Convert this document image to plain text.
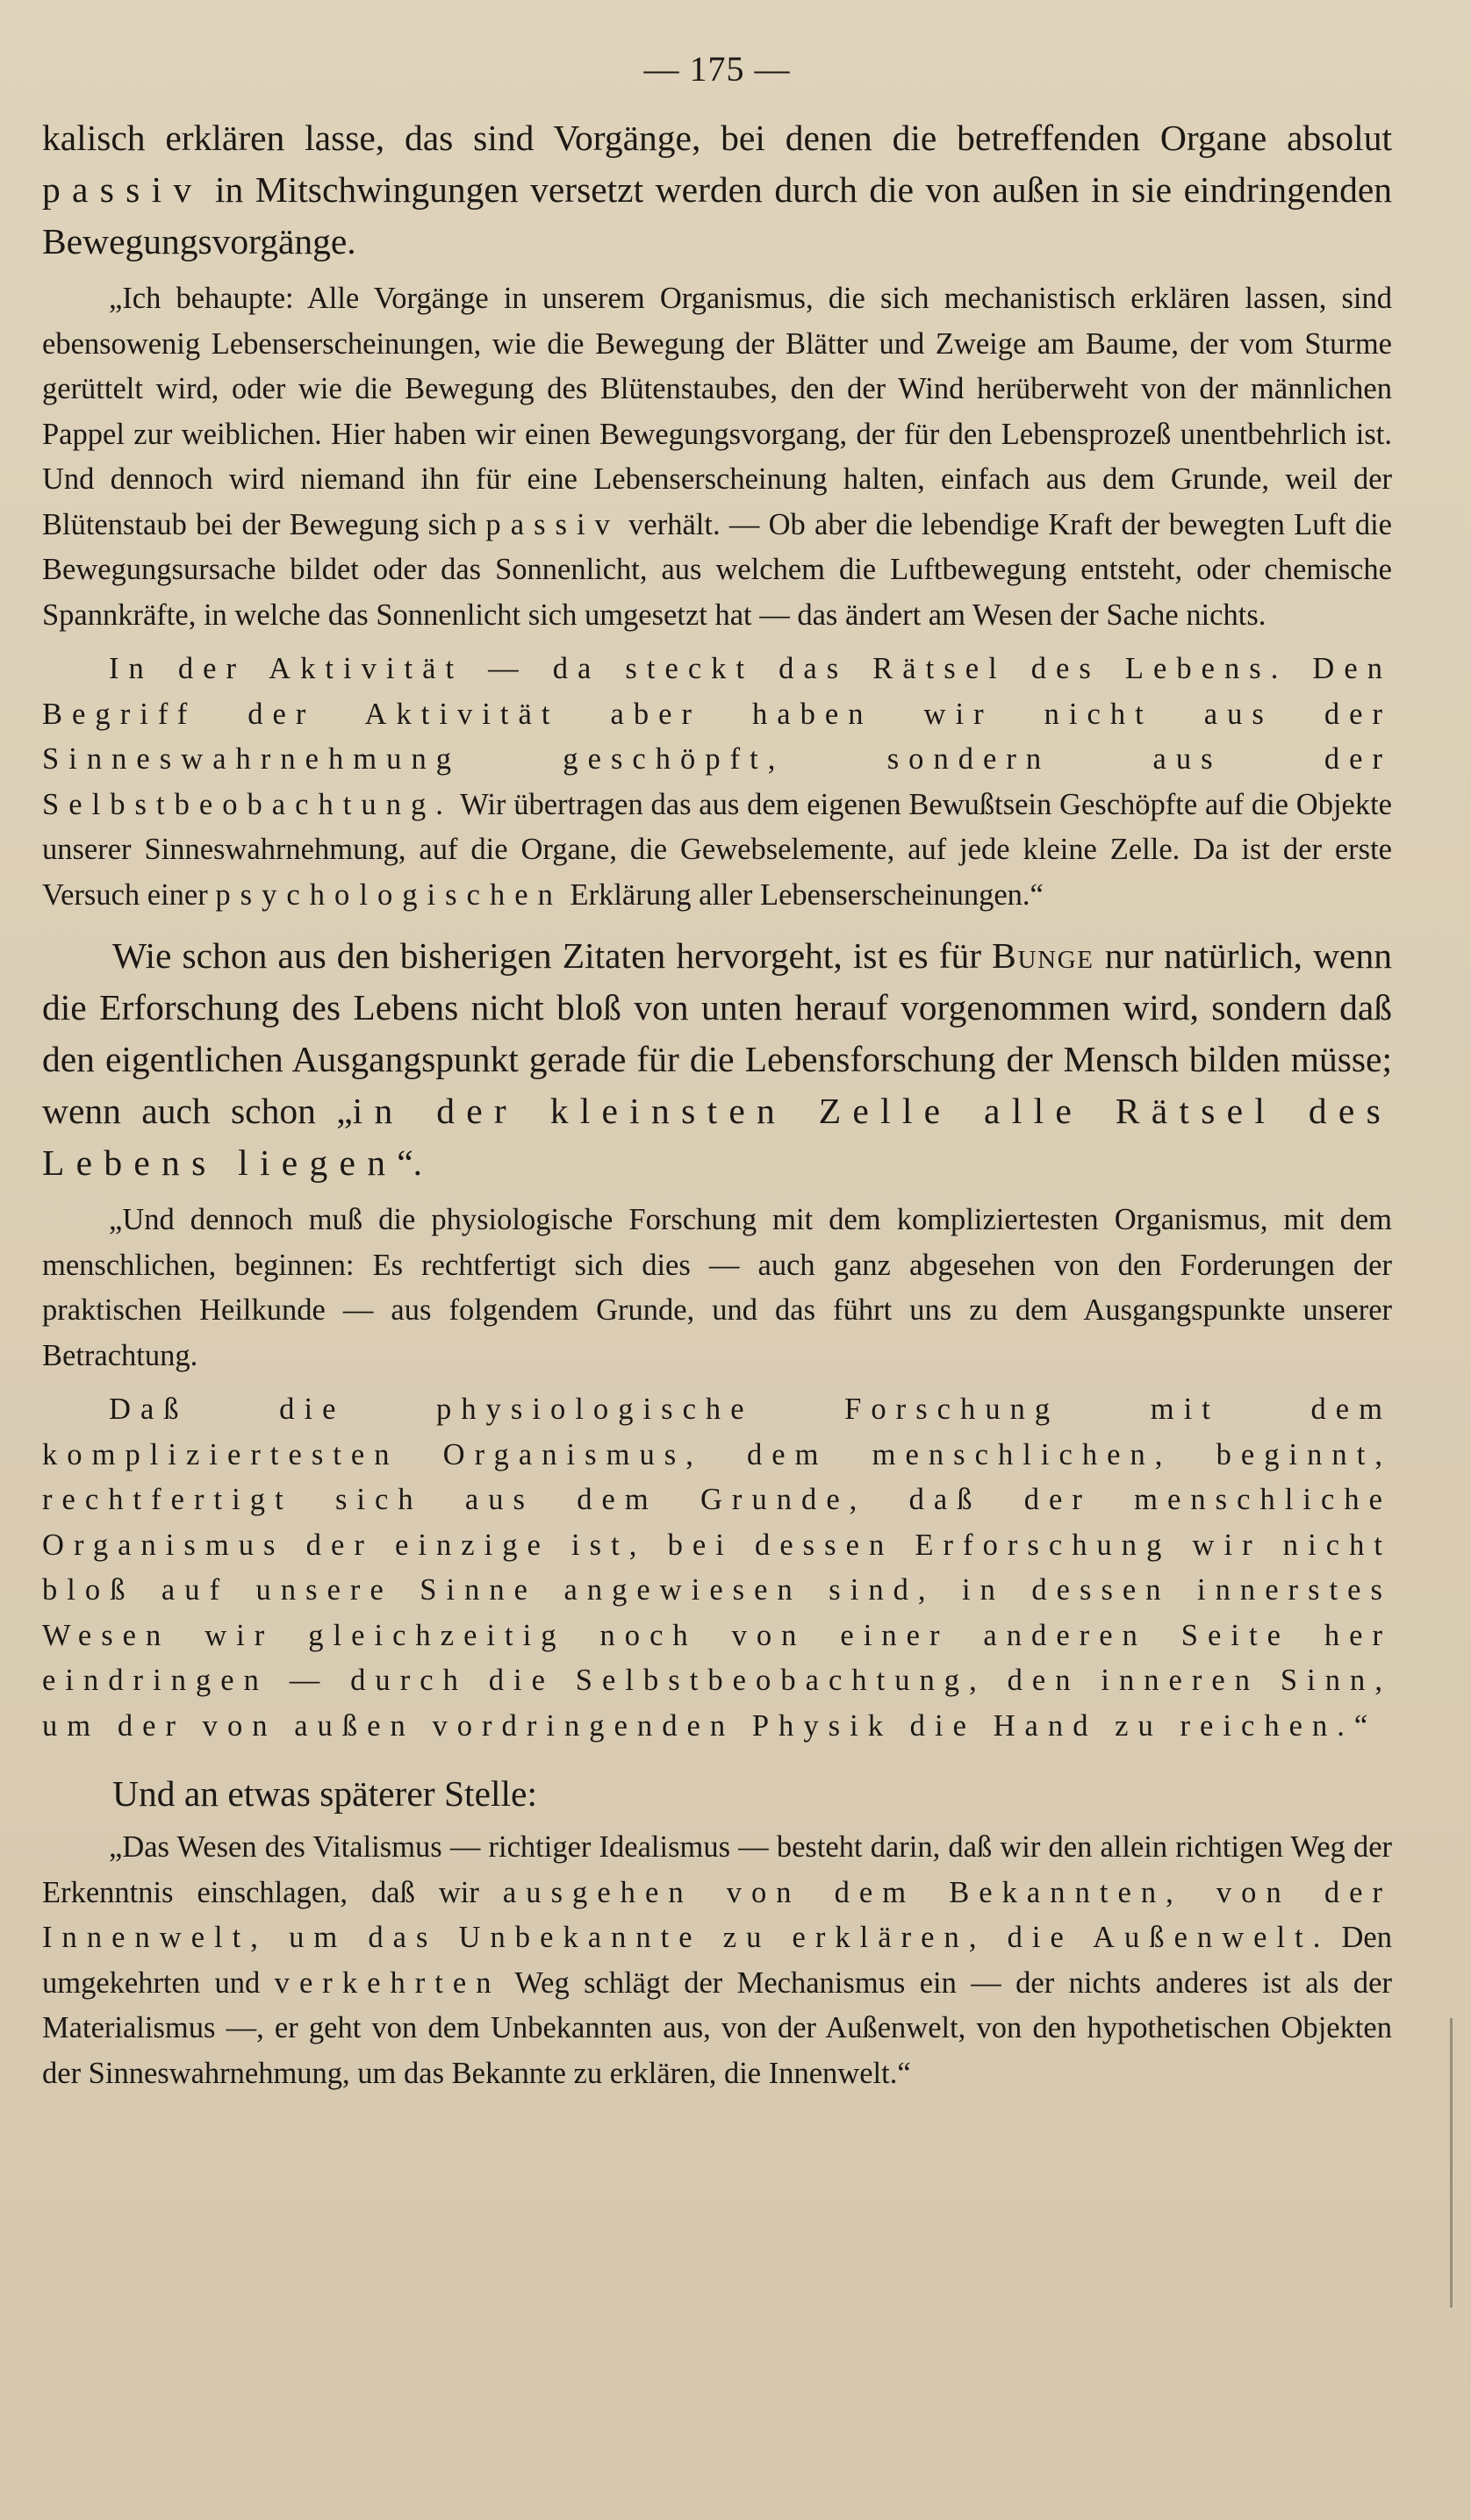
— 175 —

kalisch erklären lasse, das sind Vorgänge, bei denen die betreffenden Organe absolut passiv in Mitschwingungen versetzt werden durch die von außen in sie eindringenden Bewegungsvorgänge.

„Ich behaupte: Alle Vorgänge in unserem Organismus, die sich mechanistisch erklären lassen, sind ebensowenig Lebenserscheinungen, wie die Bewegung der Blätter und Zweige am Baume, der vom Sturme gerüttelt wird, oder wie die Bewegung des Blütenstaubes, den der Wind herüberweht von der männlichen Pappel zur weiblichen. Hier haben wir einen Bewegungsvorgang, der für den Lebensprozeß unentbehrlich ist. Und dennoch wird niemand ihn für eine Lebenserscheinung halten, einfach aus dem Grunde, weil der Blütenstaub bei der Bewegung sich passiv verhält. — Ob aber die lebendige Kraft der bewegten Luft die Bewegungsursache bildet oder das Sonnenlicht, aus welchem die Luftbewegung entsteht, oder chemische Spannkräfte, in welche das Sonnenlicht sich umgesetzt hat — das ändert am Wesen der Sache nichts.

In der Aktivität — da steckt das Rätsel des Lebens. Den Begriff der Aktivität aber haben wir nicht aus der Sinneswahrnehmung geschöpft, sondern aus der Selbstbeobachtung. Wir übertragen das aus dem eigenen Bewußtsein Geschöpfte auf die Objekte unserer Sinneswahrnehmung, auf die Organe, die Gewebselemente, auf jede kleine Zelle. Da ist der erste Versuch einer psychologischen Erklärung aller Lebenserscheinungen.“

Wie schon aus den bisherigen Zitaten hervorgeht, ist es für Bunge nur natürlich, wenn die Erforschung des Lebens nicht bloß von unten herauf vorgenommen wird, sondern daß den eigentlichen Ausgangspunkt gerade für die Lebensforschung der Mensch bilden müsse; wenn auch schon „in der kleinsten Zelle alle Rätsel des Lebens liegen“.

„Und dennoch muß die physiologische Forschung mit dem kompliziertesten Organismus, mit dem menschlichen, beginnen: Es rechtfertigt sich dies — auch ganz abgesehen von den Forderungen der praktischen Heilkunde — aus folgendem Grunde, und das führt uns zu dem Ausgangspunkte unserer Betrachtung.

Daß die physiologische Forschung mit dem kompliziertesten Organismus, dem menschlichen, beginnt, rechtfertigt sich aus dem Grunde, daß der menschliche Organismus der einzige ist, bei dessen Erforschung wir nicht bloß auf unsere Sinne angewiesen sind, in dessen innerstes Wesen wir gleichzeitig noch von einer anderen Seite her eindringen — durch die Selbstbeobachtung, den inneren Sinn, um der von außen vordringenden Physik die Hand zu reichen.“

Und an etwas späterer Stelle:

„Das Wesen des Vitalismus — richtiger Idealismus — besteht darin, daß wir den allein richtigen Weg der Erkenntnis einschlagen, daß wir ausgehen von dem Bekannten, von der Innenwelt, um das Unbekannte zu erklären, die Außenwelt. Den umgekehrten und verkehrten Weg schlägt der Mechanismus ein — der nichts anderes ist als der Materialismus —, er geht von dem Unbekannten aus, von der Außenwelt, von den hypothetischen Objekten der Sinneswahrnehmung, um das Bekannte zu erklären, die Innenwelt.“
